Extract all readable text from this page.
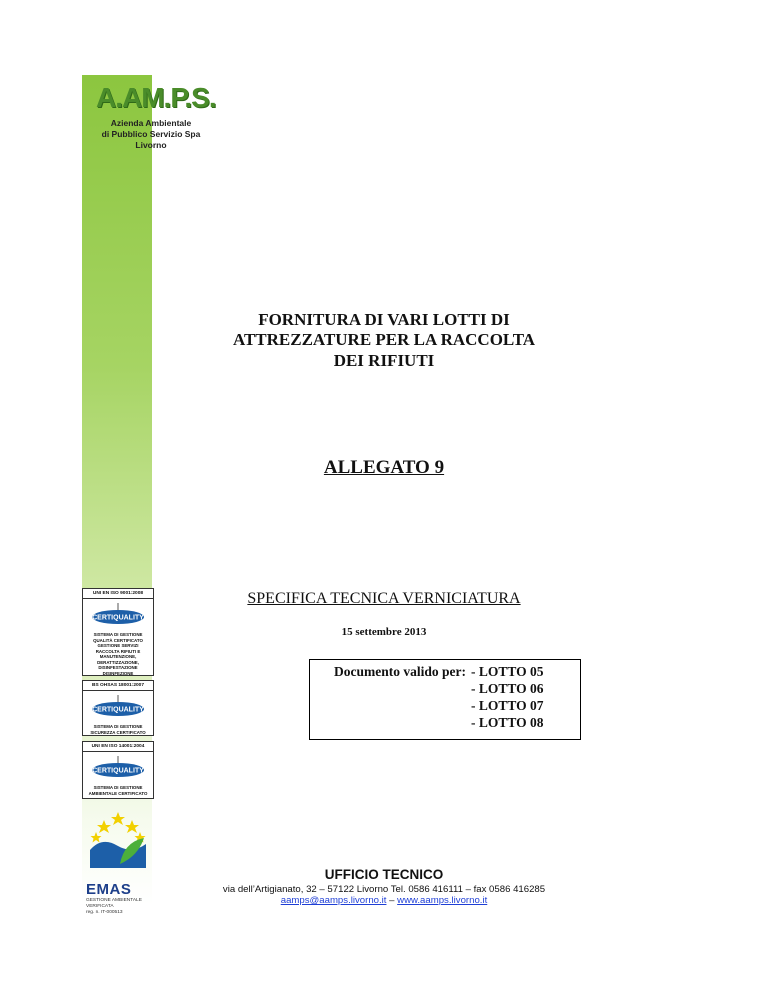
A.AM.P.S.
Azienda Ambientale
di Pubblico Servizio Spa
Livorno
UNI EN ISO 9001:2008
CERTIQUALITY
SISTEMA DI GESTIONE
QUALITÀ CERTIFICATO
GESTIONE SERVIZI
RACCOLTA RIFIUTI E
MANUTENZIONE,
DERATTIZZAZIONE,
DISINFESTAZIONE
DISINFEZIONE
BS OHSAS 18001:2007
CERTIQUALITY
SISTEMA DI GESTIONE
SICUREZZA CERTIFICATO
UNI EN ISO 14001:2004
CERTIQUALITY
SISTEMA DI GESTIONE
AMBIENTALE CERTIFICATO
EMAS
GESTIONE AMBIENTALE
VERIFICATA
reg. n. IT-000513
FORNITURA DI VARI LOTTI DI
ATTREZZATURE PER LA RACCOLTA
DEI RIFIUTI
ALLEGATO 9
SPECIFICA TECNICA VERNICIATURA
15 settembre 2013
Documento valido per: - LOTTO 05
- LOTTO 06
- LOTTO 07
- LOTTO 08
UFFICIO TECNICO
via dell’Artigianato, 32 – 57122 Livorno Tel. 0586 416111 – fax 0586 416285
aamps@aamps.livorno.it – www.aamps.livorno.it
